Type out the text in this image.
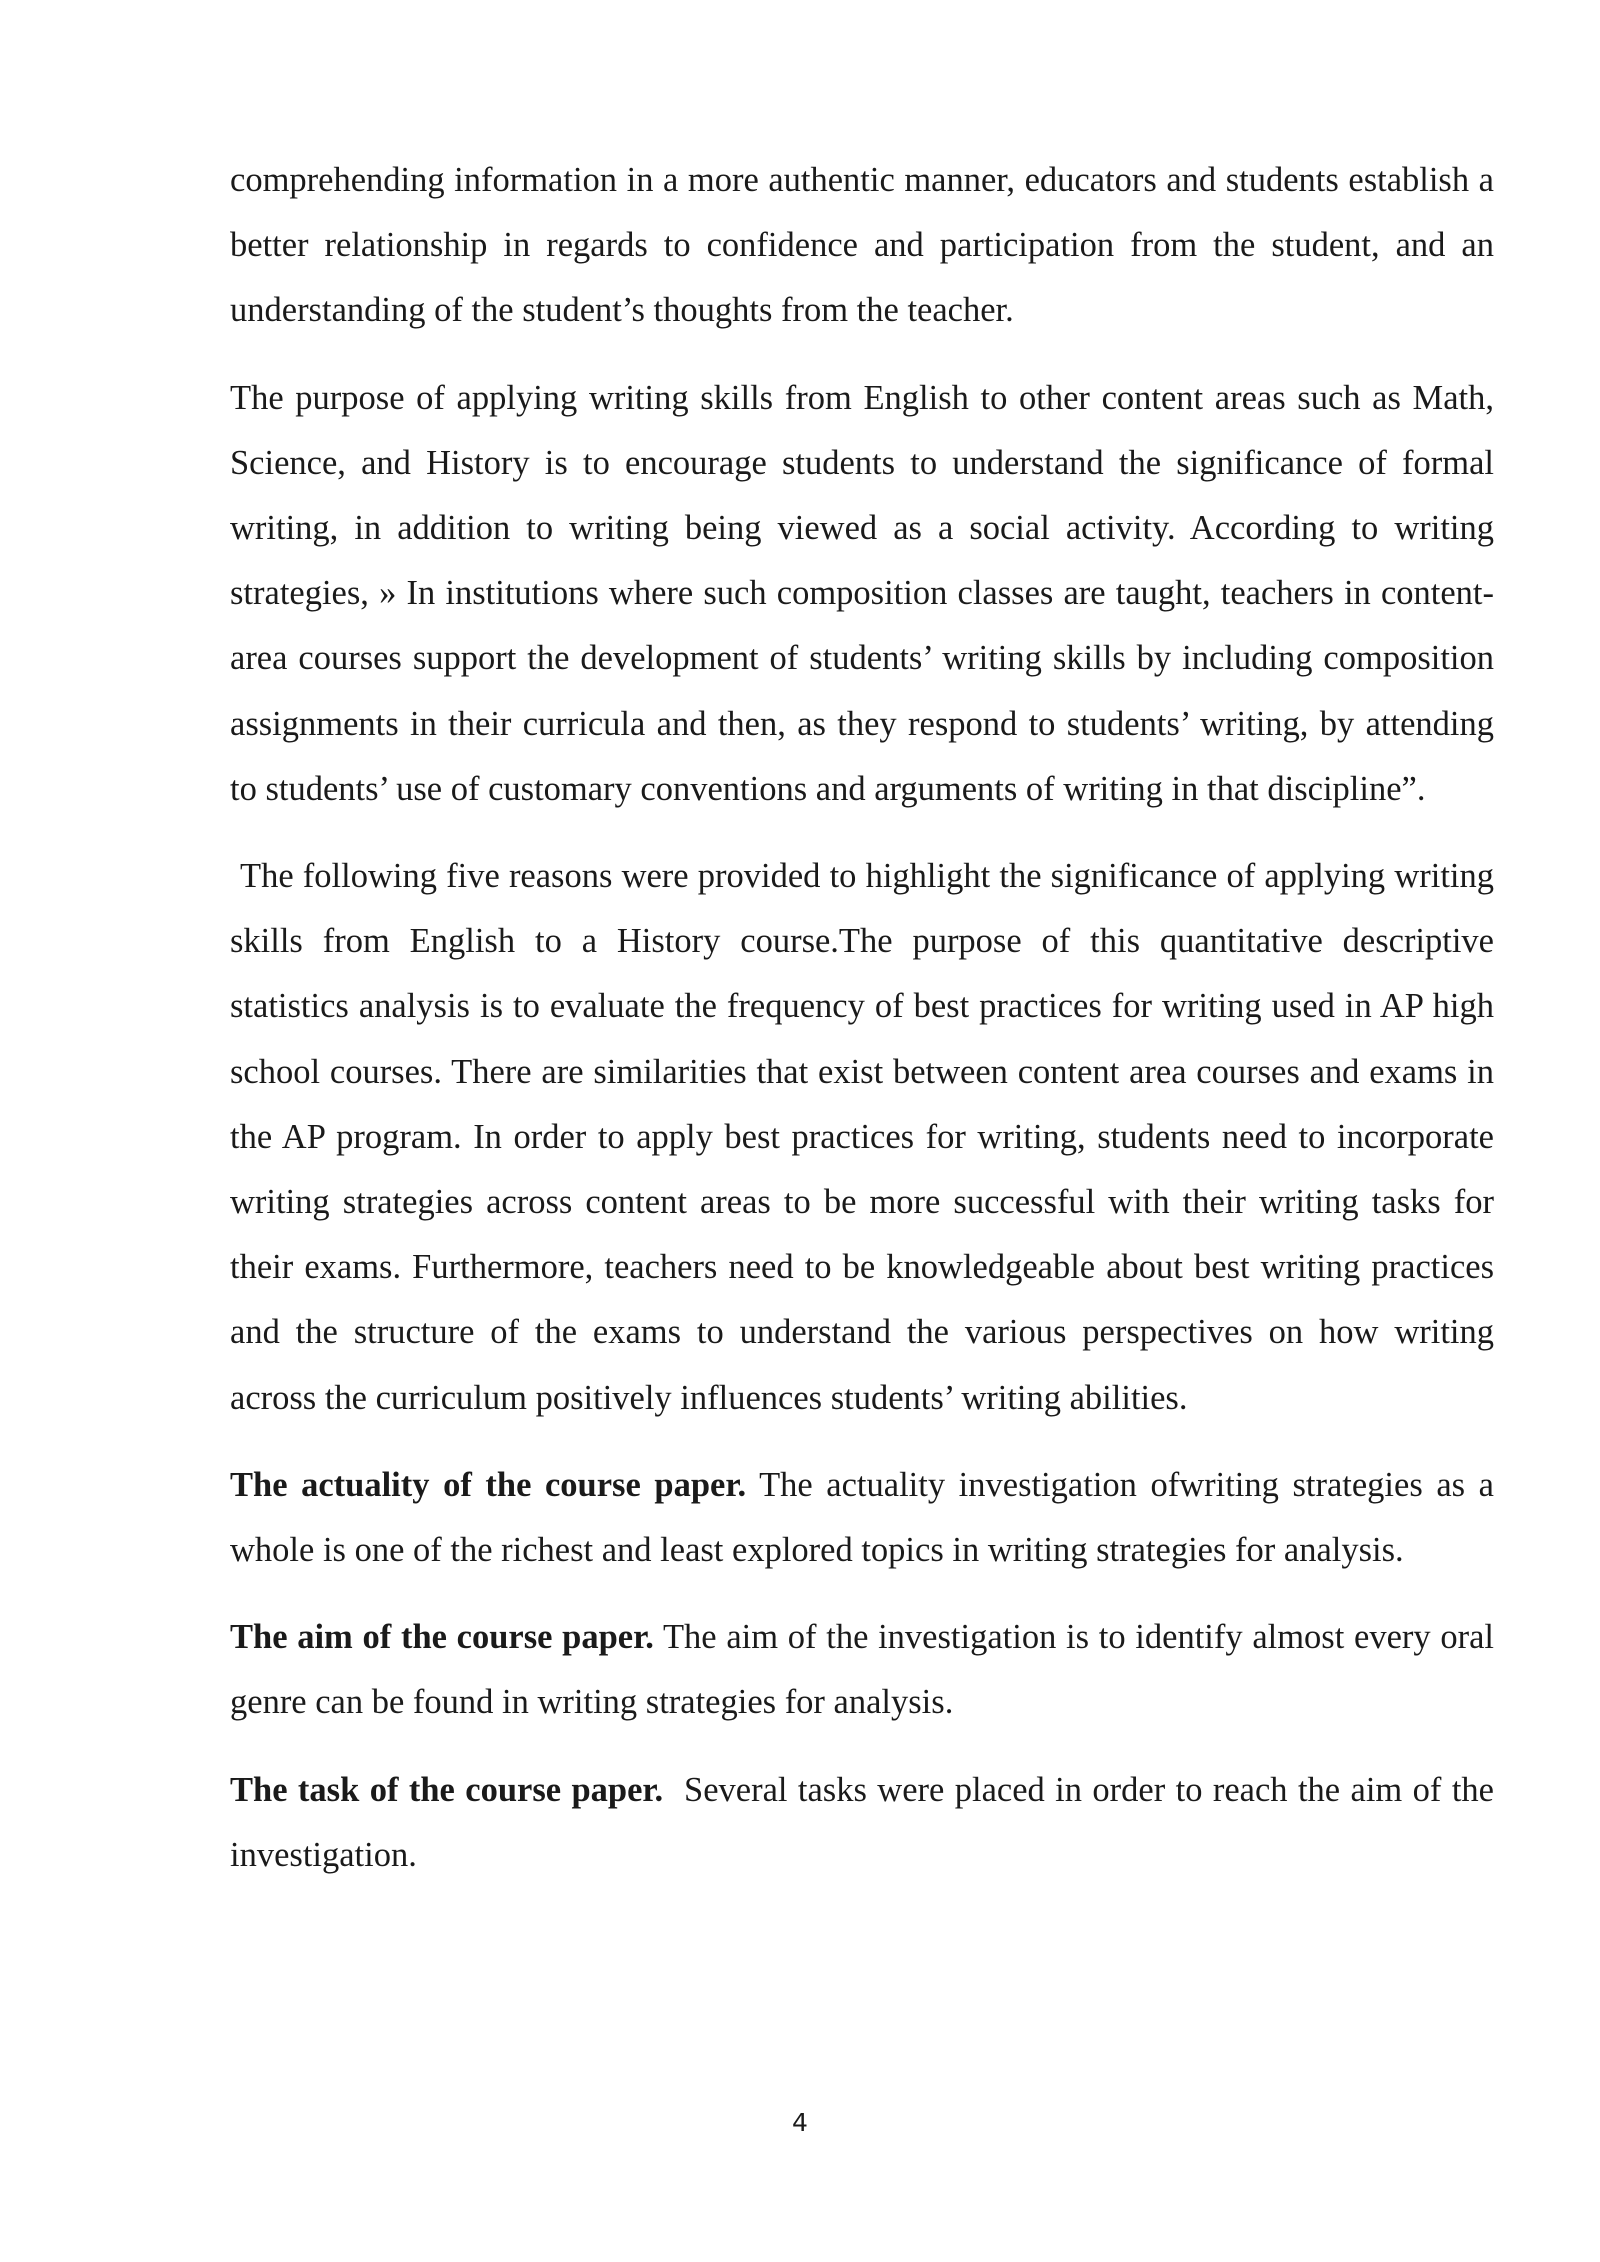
comprehending information in a more authentic manner, educators and students establish a better relationship in regards to confidence and participation from the student, and an understanding of the student’s thoughts from the teacher.

The purpose of applying writing skills from English to other content areas such as Math, Science, and History is to encourage students to understand the significance of formal writing, in addition to writing being viewed as a social activity. According to writing strategies, » In institutions where such composition classes are taught, teachers in content-area courses support the development of students’ writing skills by including composition assignments in their curricula and then, as they respond to students’ writing, by attending to students’ use of customary conventions and arguments of writing in that discipline”.

The following five reasons were provided to highlight the significance of applying writing skills from English to a History course.The purpose of this quantitative descriptive statistics analysis is to evaluate the frequency of best practices for writing used in AP high school courses. There are similarities that exist between content area courses and exams in the AP program. In order to apply best practices for writing, students need to incorporate writing strategies across content areas to be more successful with their writing tasks for their exams. Furthermore, teachers need to be knowledgeable about best writing practices and the structure of the exams to understand the various perspectives on how writing across the curriculum positively influences students’ writing abilities.

The actuality of the course paper. The actuality investigation ofwriting strategies as a whole is one of the richest and least explored topics in writing strategies for analysis.

The aim of the course paper. The aim of the investigation is to identify almost every oral genre can be found in writing strategies for analysis.

The task of the course paper.  Several tasks were placed in order to reach the aim of the investigation.

4
